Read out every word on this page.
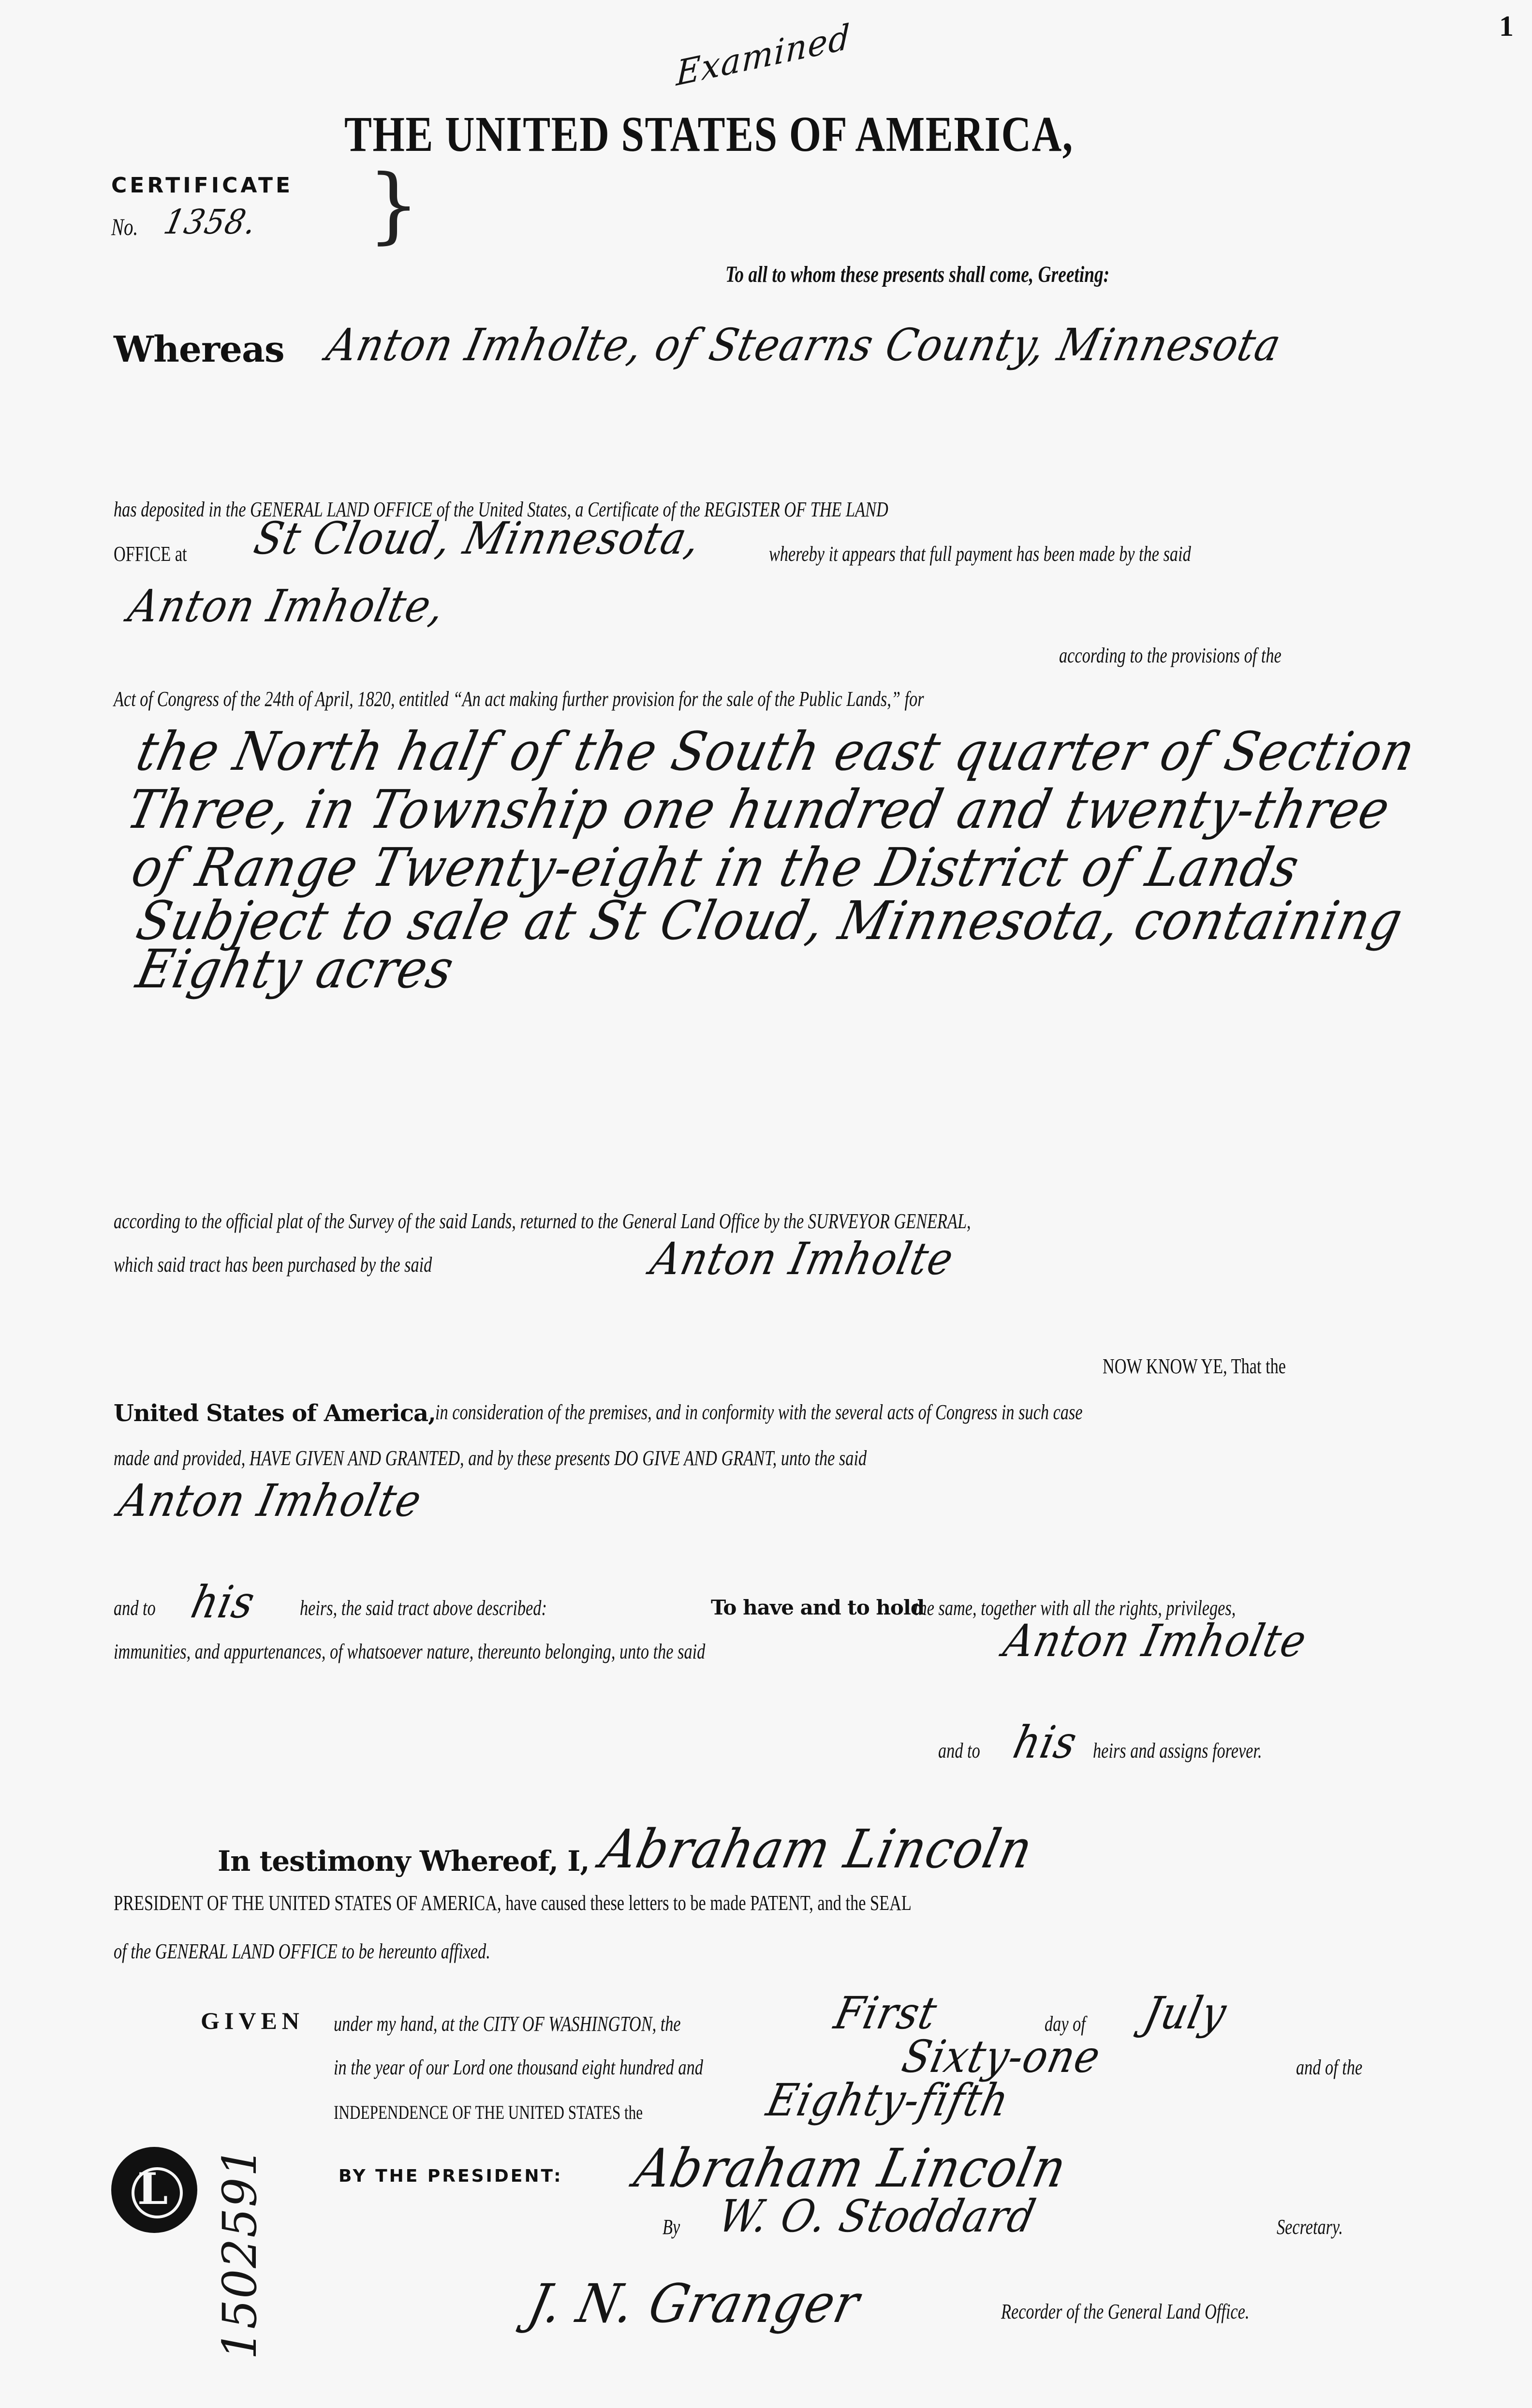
Examined
THE UNITED STATES OF AMERICA,
1
CERTIFICATE
No. 1358. }
To all to whom these presents shall come, Greeting:
Whereas Anton Imholte, of Stearns County, Minnesota
has deposited in the GENERAL LAND OFFICE of the United States, a Certificate of the REGISTER OF THE LAND
OFFICE at St Cloud, Minnesota,	whereby it appears that full payment has been made by the said
Anton Imholte,
according to the provisions of the
Act of Congress of the 24th of April, 1820, entitled “An act making further provision for the sale of the Public Lands,” for
the North half of the South east quarter of Section
Three, in Township one hundred and twenty-three
of Range Twenty-eight in the District of Lands
Subject to sale at St Cloud, Minnesota, containing
Eighty acres
according to the official plat of the Survey of the said Lands, returned to the General Land Office by the SURVEYOR GENERAL,
which said tract has been purchased by the said	Anton Imholte
NOW KNOW YE, That the
United States of America, in consideration of the premises, and in conformity with the several acts of Congress in such case
made and provided, HAVE GIVEN AND GRANTED, and by these presents DO GIVE AND GRANT, unto the said
Anton Imholte
and to his heirs, the said tract above described:	To have and to hold
the same, together with all the rights, privileges,
immunities, and appurtenances, of whatsoever nature, thereunto belonging, unto the said	Anton Imholte
and to his heirs and assigns forever.
In testimony Whereof, I, Abraham Lincoln
PRESIDENT OF THE UNITED STATES OF AMERICA, have caused these letters to be made PATENT, and the SEAL
of the GENERAL LAND OFFICE to be hereunto affixed.
GIVEN under my hand, at the CITY OF WASHINGTON, the	First	day of July
in the year of our Lord one thousand eight hundred and	Sixty-one	and of the
INDEPENDENCE OF THE UNITED STATES the	Eighty-fifth
BY THE PRESIDENT: Abraham Lincoln
By W. O. Stoddard	Secretary.
J. N. Granger	Recorder of the General Land Office.
L 1502591
